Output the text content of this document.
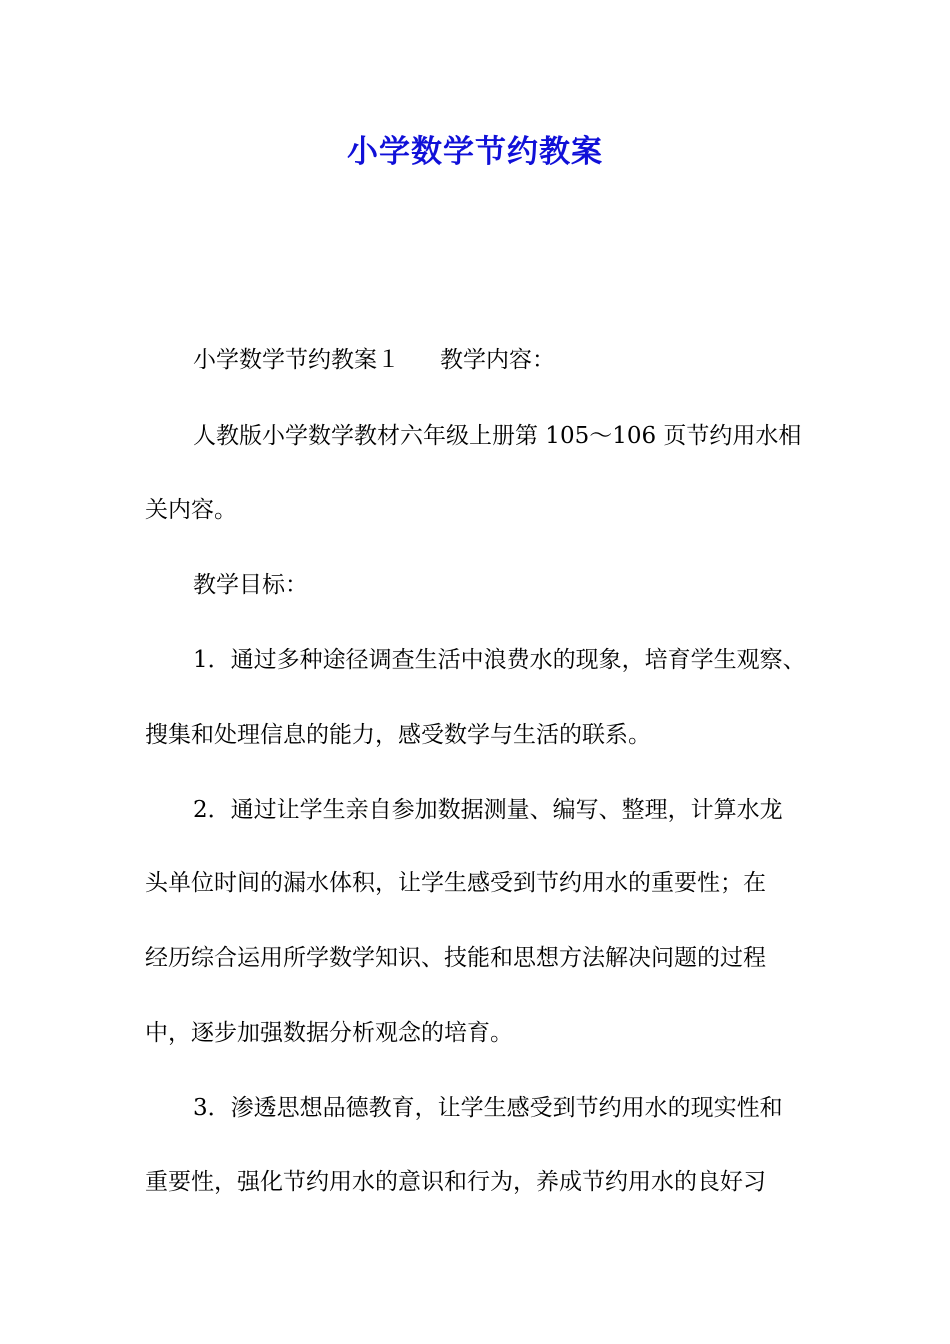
小学数学节约教案
小学数学节约教案１ 教学内容：
人教版小学数学教材六年级上册第 105～106 页节约用水相
关内容。
教学目标：
1．通过多种途径调查生活中浪费水的现象，培育学生观察、
搜集和处理信息的能力，感受数学与生活的联系。
2．通过让学生亲自参加数据测量、编写、整理，计算水龙
头单位时间的漏水体积，让学生感受到节约用水的重要性；在
经历综合运用所学数学知识、技能和思想方法解决问题的过程
中，逐步加强数据分析观念的培育。
3．渗透思想品德教育，让学生感受到节约用水的现实性和
重要性，强化节约用水的意识和行为，养成节约用水的良好习
